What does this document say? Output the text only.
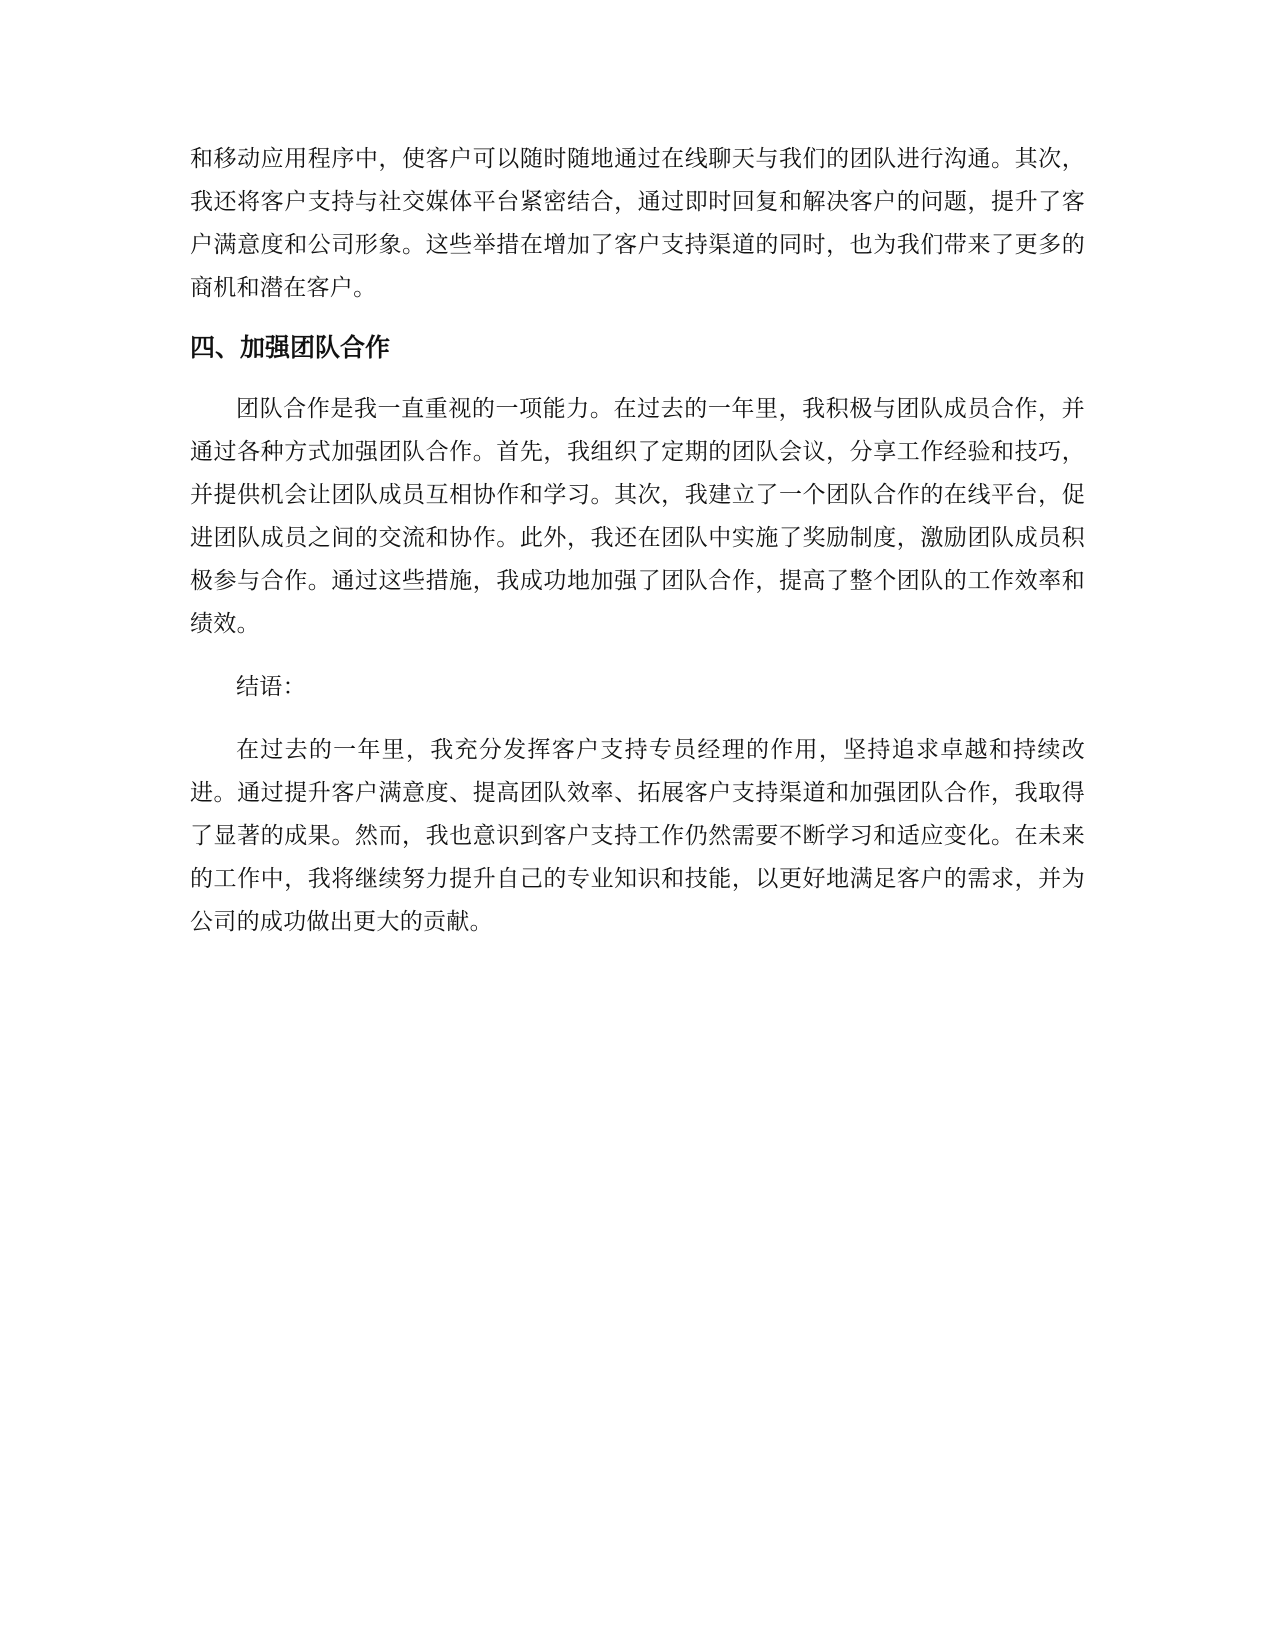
和移动应用程序中，使客户可以随时随地通过在线聊天与我们的团队进行沟通。其次，我还将客户支持与社交媒体平台紧密结合，通过即时回复和解决客户的问题，提升了客户满意度和公司形象。这些举措在增加了客户支持渠道的同时，也为我们带来了更多的商机和潜在客户。

四、加强团队合作

团队合作是我一直重视的一项能力。在过去的一年里，我积极与团队成员合作，并通过各种方式加强团队合作。首先，我组织了定期的团队会议，分享工作经验和技巧，并提供机会让团队成员互相协作和学习。其次，我建立了一个团队合作的在线平台，促进团队成员之间的交流和协作。此外，我还在团队中实施了奖励制度，激励团队成员积极参与合作。通过这些措施，我成功地加强了团队合作，提高了整个团队的工作效率和绩效。

结语：

在过去的一年里，我充分发挥客户支持专员经理的作用，坚持追求卓越和持续改进。通过提升客户满意度、提高团队效率、拓展客户支持渠道和加强团队合作，我取得了显著的成果。然而，我也意识到客户支持工作仍然需要不断学习和适应变化。在未来的工作中，我将继续努力提升自己的专业知识和技能，以更好地满足客户的需求，并为公司的成功做出更大的贡献。
